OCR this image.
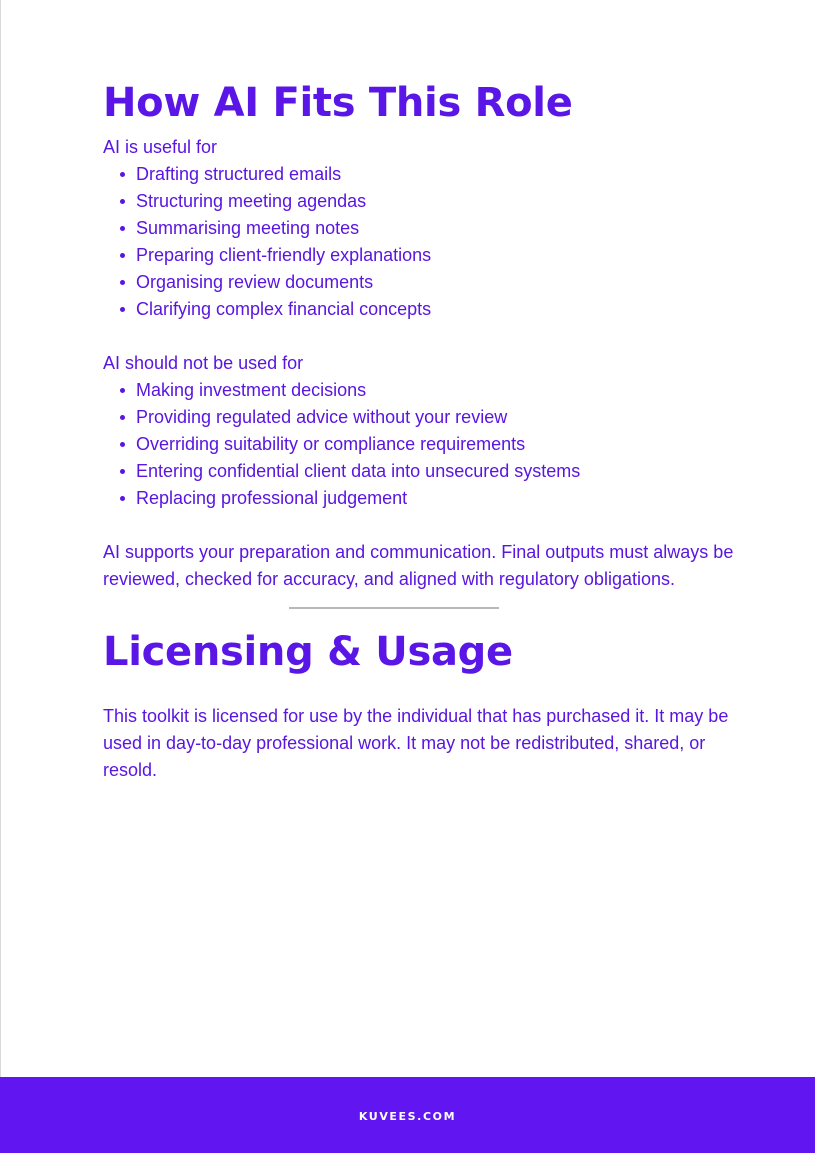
How AI Fits This Role

AI is useful for

Drafting structured emails
Structuring meeting agendas
Summarising meeting notes
Preparing client-friendly explanations
Organising review documents
Clarifying complex financial concepts

AI should not be used for

Making investment decisions
Providing regulated advice without your review
Overriding suitability or compliance requirements
Entering confidential client data into unsecured systems
Replacing professional judgement

AI supports your preparation and communication. Final outputs must always be reviewed, checked for accuracy, and aligned with regulatory obligations.

Licensing & Usage

This toolkit is licensed for use by the individual that has purchased it. It may be used in day-to-day professional work. It may not be redistributed, shared, or resold.

KUVEES.COM
